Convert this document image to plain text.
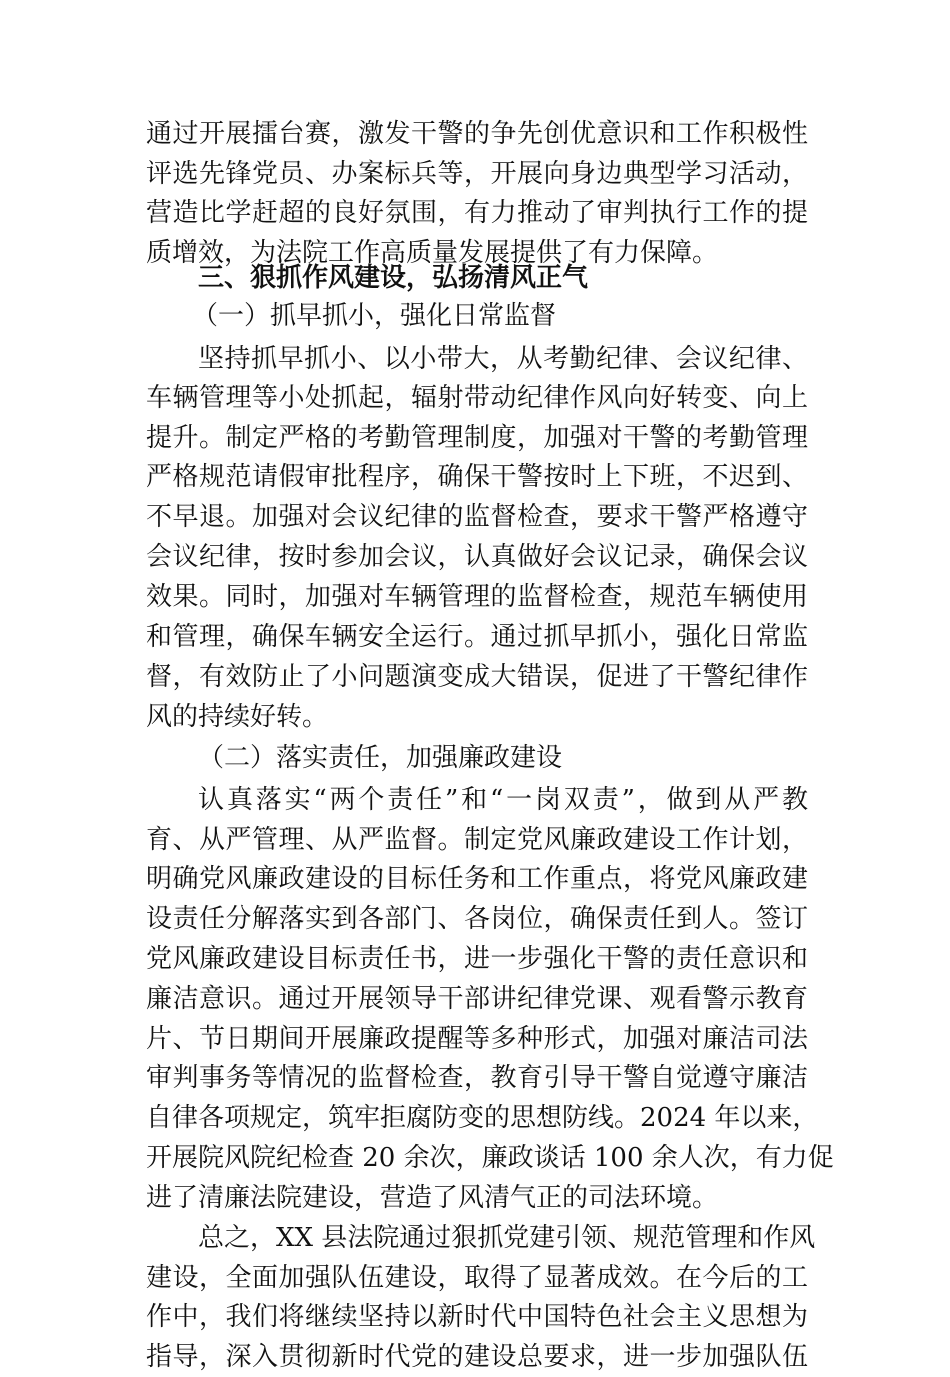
通过开展擂台赛，激发干警的争先创优意识和工作积极性
评选先锋党员、办案标兵等，开展向身边典型学习活动，
营造比学赶超的良好氛围，有力推动了审判执行工作的提
质增效，为法院工作高质量发展提供了有力保障。
三、狠抓作风建设，弘扬清风正气
（一）抓早抓小，强化日常监督
坚持抓早抓小、以小带大，从考勤纪律、会议纪律、
车辆管理等小处抓起，辐射带动纪律作风向好转变、向上
提升。制定严格的考勤管理制度，加强对干警的考勤管理
严格规范请假审批程序，确保干警按时上下班，不迟到、
不早退。加强对会议纪律的监督检查，要求干警严格遵守
会议纪律，按时参加会议，认真做好会议记录，确保会议
效果。同时，加强对车辆管理的监督检查，规范车辆使用
和管理，确保车辆安全运行。通过抓早抓小，强化日常监
督，有效防止了小问题演变成大错误，促进了干警纪律作
风的持续好转。
（二）落实责任，加强廉政建设
认真落实“两个责任”和“一岗双责”，做到从严教
育、从严管理、从严监督。制定党风廉政建设工作计划，
明确党风廉政建设的目标任务和工作重点，将党风廉政建
设责任分解落实到各部门、各岗位，确保责任到人。签订
党风廉政建设目标责任书，进一步强化干警的责任意识和
廉洁意识。通过开展领导干部讲纪律党课、观看警示教育
片、节日期间开展廉政提醒等多种形式，加强对廉洁司法
审判事务等情况的监督检查，教育引导干警自觉遵守廉洁
自律各项规定，筑牢拒腐防变的思想防线。2024 年以来，
开展院风院纪检查 20 余次，廉政谈话 100 余人次，有力促
进了清廉法院建设，营造了风清气正的司法环境。
总之，XX 县法院通过狠抓党建引领、规范管理和作风
建设，全面加强队伍建设，取得了显著成效。在今后的工
作中，我们将继续坚持以新时代中国特色社会主义思想为
指导，深入贯彻新时代党的建设总要求，进一步加强队伍
